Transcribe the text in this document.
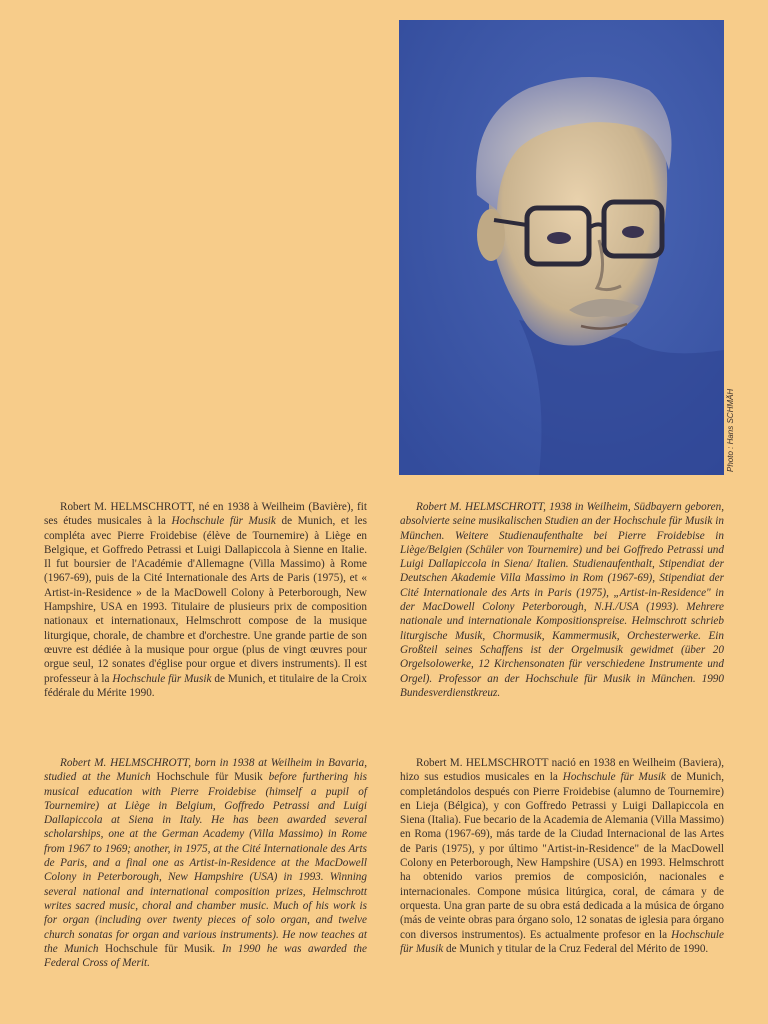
Photo : Hans SCHMÄH

Robert M. HELMSCHROTT, né en 1938 à Weilheim (Bavière), fit ses études musicales à la Hochschule für Musik de Munich, et les compléta avec Pierre Froidebise (élève de Tournemire) à Liège en Belgique, et Goffredo Petrassi et Luigi Dallapiccola à Sienne en Italie. Il fut boursier de l'Académie d'Allemagne (Villa Massimo) à Rome (1967-69), puis de la Cité Internationale des Arts de Paris (1975), et « Artist-in-Residence » de la MacDowell Colony à Peterborough, New Hampshire, USA en 1993. Titulaire de plusieurs prix de composition nationaux et internationaux, Helmschrott compose de la musique liturgique, chorale, de chambre et d'orchestre. Une grande partie de son œuvre est dédiée à la musique pour orgue (plus de vingt œuvres pour orgue seul, 12 sonates d'église pour orgue et divers instruments). Il est professeur à la Hochschule für Musik de Munich, et titulaire de la Croix fédérale du Mérite 1990.

Robert M. HELMSCHROTT, 1938 in Weilheim, Südbayern geboren, absolvierte seine musikalischen Studien an der Hochschule für Musik in München. Weitere Studienaufenthalte bei Pierre Froidebise in Liège/Belgien (Schüler von Tournemire) und bei Goffredo Petrassi und Luigi Dallapiccola in Siena/ Italien. Studienaufenthalt, Stipendiat der Deutschen Akademie Villa Massimo in Rom (1967-69), Stipendiat der Cité Internationale des Arts in Paris (1975), „Artist-in-Residence" in der MacDowell Colony Peterborough, N.H./USA (1993). Mehrere nationale und internationale Kompositionspreise. Helmschrott schrieb liturgische Musik, Chormusik, Kammermusik, Orchesterwerke. Ein Großteil seines Schaffens ist der Orgelmusik gewidmet (über 20 Orgelsolowerke, 12 Kirchensonaten für verschiedene Instrumente und Orgel). Professor an der Hochschule für Musik in München. 1990 Bundesverdienstkreuz.

Robert M. HELMSCHROTT, born in 1938 at Weilheim in Bavaria, studied at the Munich Hochschule für Musik before furthering his musical education with Pierre Froidebise (himself a pupil of Tournemire) at Liège in Belgium, Goffredo Petrassi and Luigi Dallapiccola at Siena in Italy. He has been awarded several scholarships, one at the German Academy (Villa Massimo) in Rome from 1967 to 1969; another, in 1975, at the Cité Internationale des Arts de Paris, and a final one as Artist-in-Residence at the MacDowell Colony in Peterborough, New Hampshire (USA) in 1993. Winning several national and international composition prizes, Helmschrott writes sacred music, choral and chamber music. Much of his work is for organ (including over twenty pieces of solo organ, and twelve church sonatas for organ and various instruments). He now teaches at the Munich Hochschule für Musik. In 1990 he was awarded the Federal Cross of Merit.

Robert M. HELMSCHROTT nació en 1938 en Weilheim (Baviera), hizo sus estudios musicales en la Hochschule für Musik de Munich, completándolos después con Pierre Froidebise (alumno de Tournemire) en Lieja (Bélgica), y con Goffredo Petrassi y Luigi Dallapiccola en Siena (Italia). Fue becario de la Academia de Alemania (Villa Massimo) en Roma (1967-69), más tarde de la Ciudad Internacional de las Artes de Paris (1975), y por último "Artist-in-Residence" de la MacDowell Colony en Peterborough, New Hampshire (USA) en 1993. Helmschrott ha obtenido varios premios de composición, nacionales e internacionales. Compone música litúrgica, coral, de cámara y de orquesta. Una gran parte de su obra está dedicada a la música de órgano (más de veinte obras para órgano solo, 12 sonatas de iglesia para órgano con diversos instrumentos). Es actualmente profesor en la Hochschule für Musik de Munich y titular de la Cruz Federal del Mérito de 1990.
